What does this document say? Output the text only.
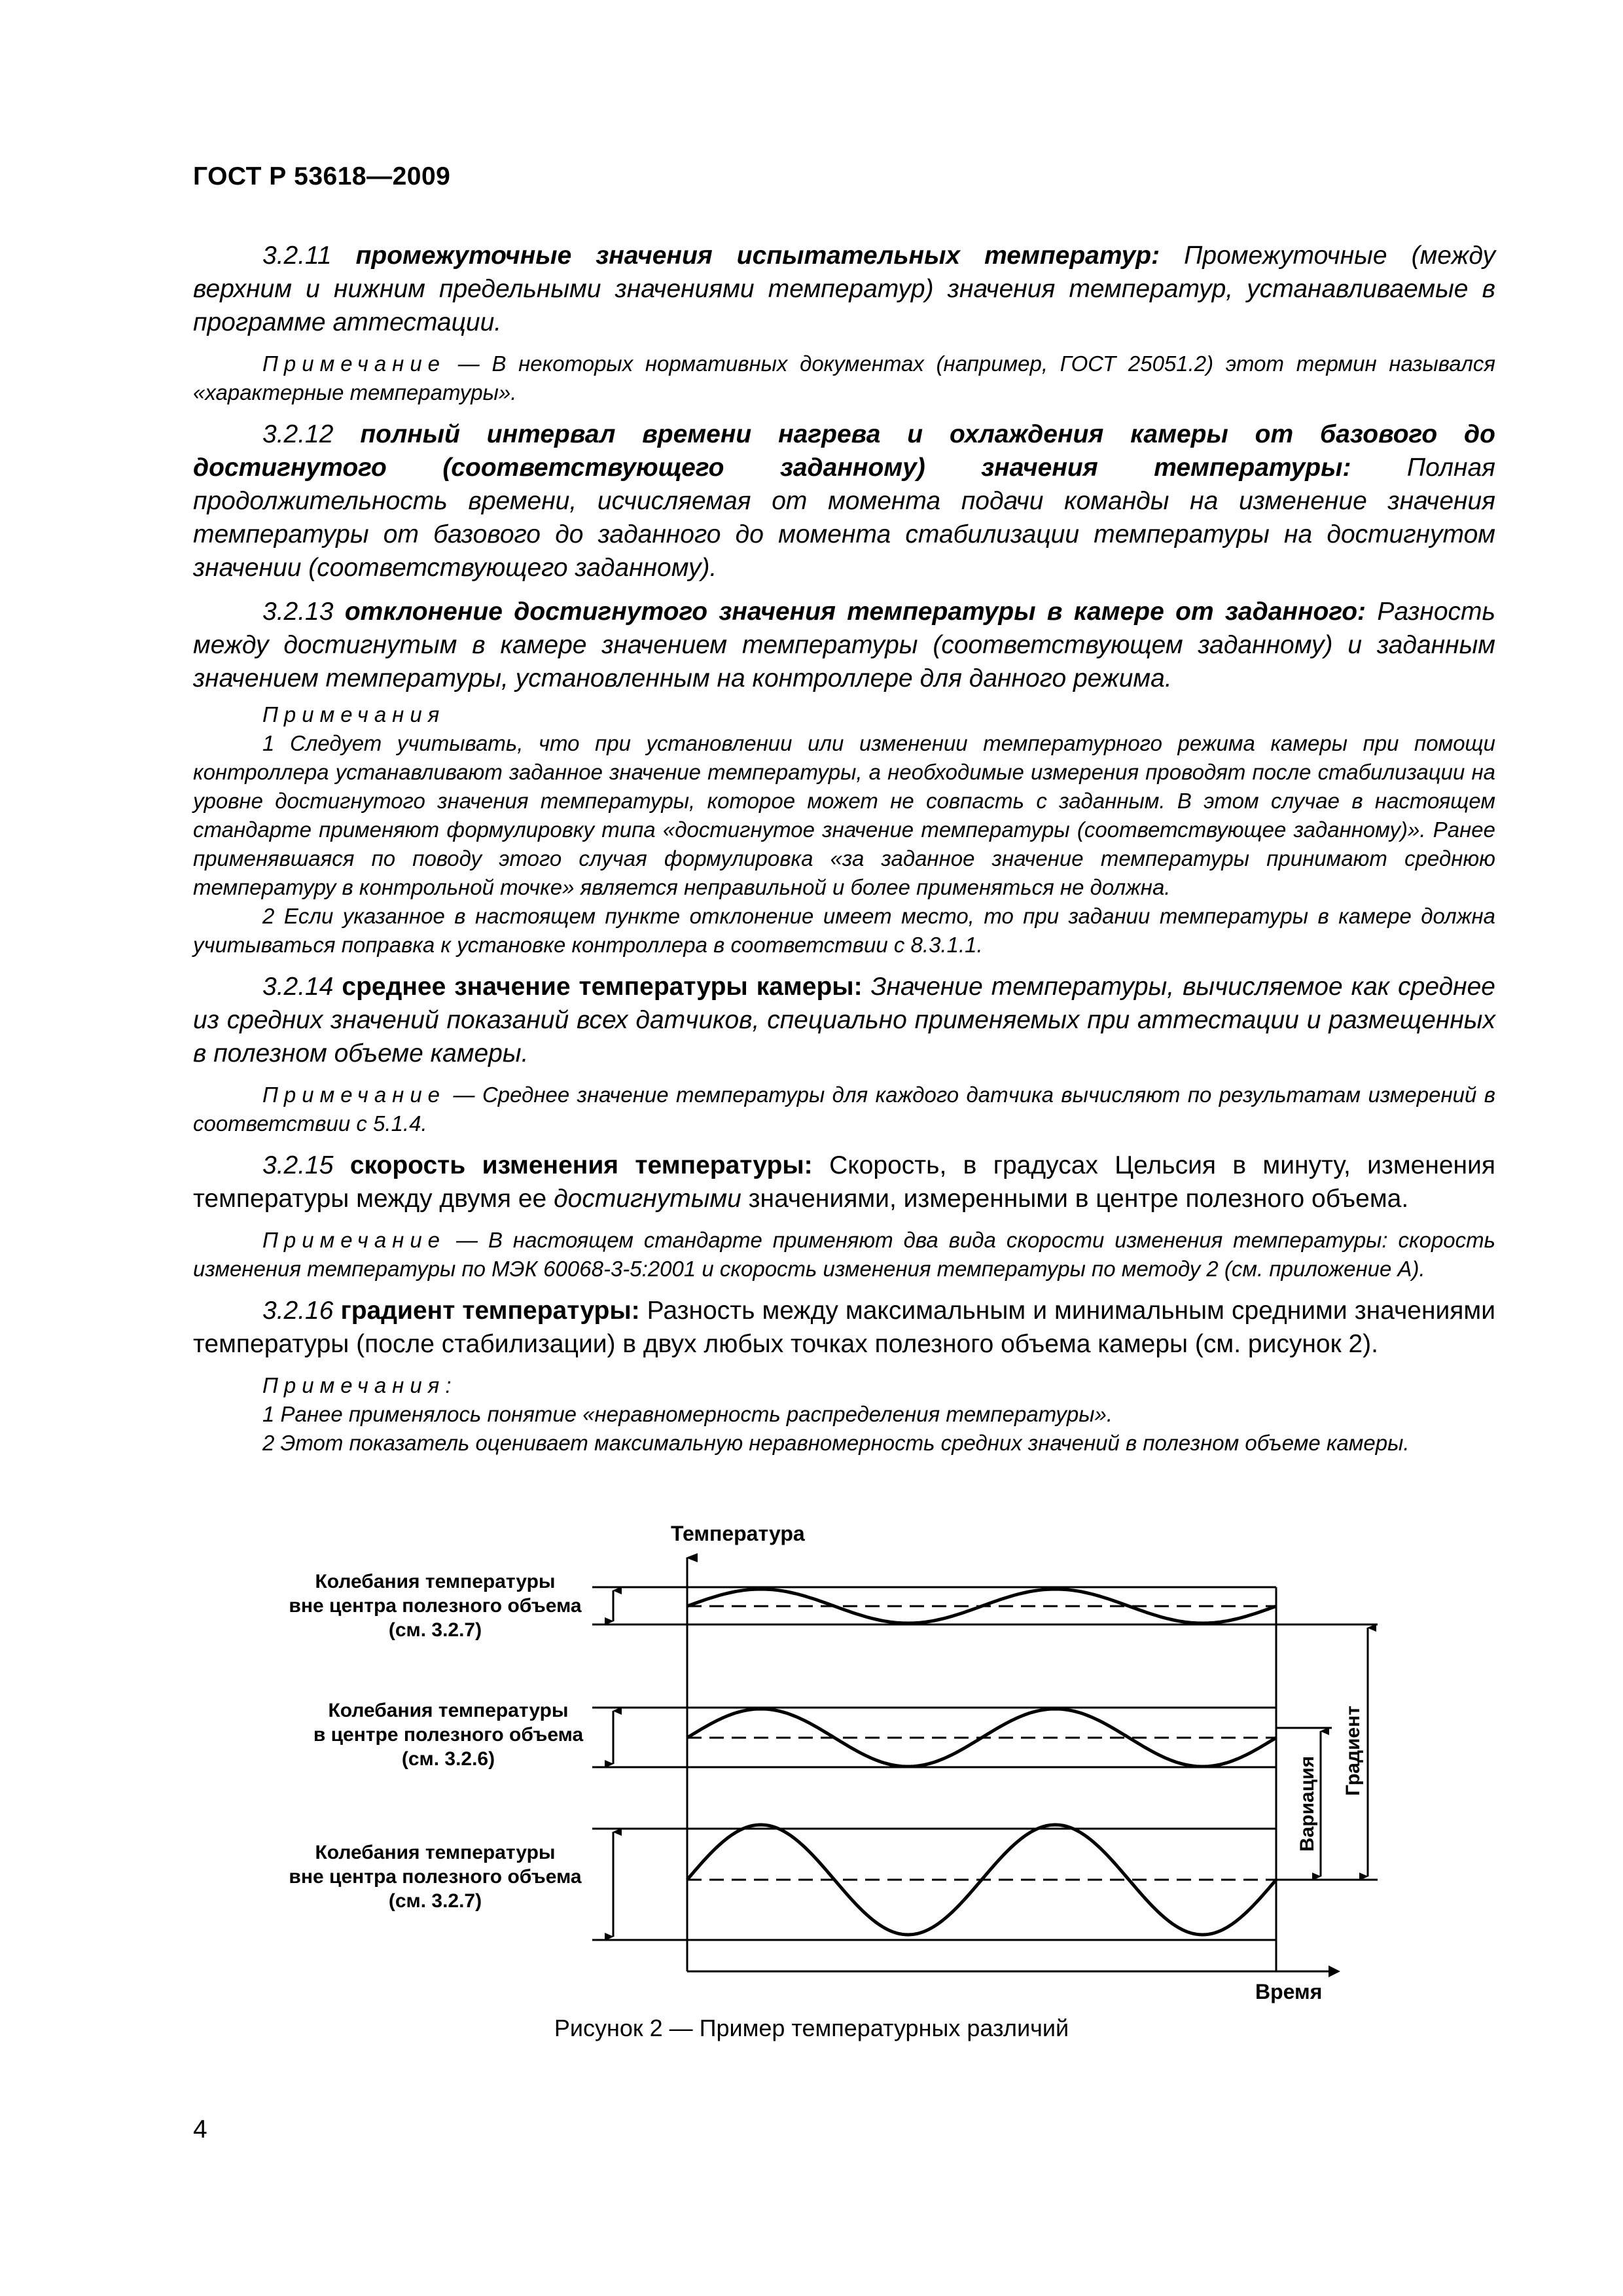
ГОСТ Р 53618—2009

3.2.11 промежуточные значения испытательных температур: Промежуточные (между верхним и нижним предельными значениями температур) значения температур, устанавливаемые в программе аттестации.

Примечание — В некоторых нормативных документах (например, ГОСТ 25051.2) этот термин назывался «характерные температуры».

3.2.12 полный интервал времени нагрева и охлаждения камеры от базового до достигнутого (соответствующего заданному) значения температуры: Полная продолжительность времени, исчисляемая от момента подачи команды на изменение значения температуры от базового до заданного до момента стабилизации температуры на достигнутом значении (соответствующего заданному).

3.2.13 отклонение достигнутого значения температуры в камере от заданного: Разность между достигнутым в камере значением температуры (соответствующем заданному) и заданным значением температуры, установленным на контроллере для данного режима.

Примечания

1 Следует учитывать, что при установлении или изменении температурного режима камеры при помощи контроллера устанавливают заданное значение температуры, а необходимые измерения проводят после стабилизации на уровне достигнутого значения температуры, которое может не совпасть с заданным. В этом случае в настоящем стандарте применяют формулировку типа «достигнутое значение температуры (соответствующее заданному)». Ранее применявшаяся по поводу этого случая формулировка «за заданное значение температуры принимают среднюю температуру в контрольной точке» является неправильной и более применяться не должна.

2 Если указанное в настоящем пункте отклонение имеет место, то при задании температуры в камере должна учитываться поправка к установке контроллера в соответствии с 8.3.1.1.

3.2.14 среднее значение температуры камеры: Значение температуры, вычисляемое как среднее из средних значений показаний всех датчиков, специально применяемых при аттестации и размещенных в полезном объеме камеры.

Примечание — Среднее значение температуры для каждого датчика вычисляют по результатам измерений в соответствии с 5.1.4.

3.2.15 скорость изменения температуры: Скорость, в градусах Цельсия в минуту, изменения температуры между двумя ее достигнутыми значениями, измеренными в центре полезного объема.

Примечание — В настоящем стандарте применяют два вида скорости изменения температуры: скорость изменения температуры по МЭК 60068-3-5:2001 и скорость изменения температуры по методу 2 (см. приложение А).

3.2.16 градиент температуры: Разность между максимальным и минимальным средними значениями температуры (после стабилизации) в двух любых точках полезного объема камеры (см. рисунок 2).

Примечания:

1 Ранее применялось понятие «неравномерность распределения температуры».

2 Этот показатель оценивает максимальную неравномерность средних значений в полезном объеме камеры.

Температура
Время
Вариация
Градиент
Колебания температуры
вне центра полезного объема
(см. 3.2.7)
Колебания температуры
в центре полезного объема
(см. 3.2.6)
Колебания температуры
вне центра полезного объема
(см. 3.2.7)
Рисунок 2 — Пример температурных различий
4
